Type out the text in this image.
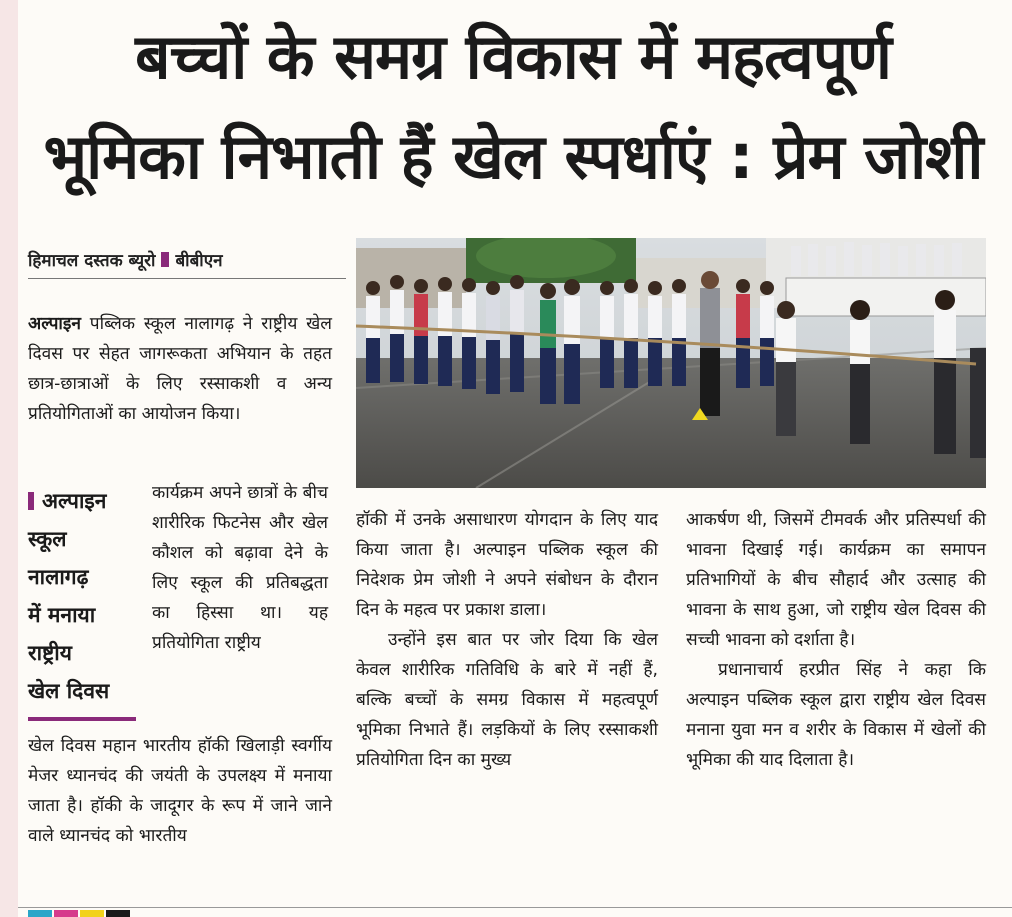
बच्चों के समग्र विकास में महत्वपूर्ण
भूमिका निभाती हैं खेल स्पर्धाएं : प्रेम जोशी
हिमाचल दस्तक ब्यूरो बीबीएन

अल्पाइन पब्लिक स्कूल नालागढ़ ने राष्ट्रीय खेल दिवस पर सेहत जागरूकता अभियान के तहत छात्र-छात्राओं के लिए रस्साकशी व अन्य प्रतियोगिताओं का आयोजन किया।

अल्पाइन
स्कूल
नालागढ़
में मनाया
राष्ट्रीय
खेल दिवस

कार्यक्रम अपने छात्रों के बीच शारीरिक फिटनेस और खेल कौशल को बढ़ावा देने के लिए स्कूल की प्रतिबद्धता का हिस्सा था। यह प्रतियोगिता राष्ट्रीय

खेल दिवस महान भारतीय हॉकी खिलाड़ी स्वर्गीय मेजर ध्यानचंद की जयंती के उपलक्ष्य में मनाया जाता है। हॉकी के जादूगर के रूप में जाने जाने वाले ध्यानचंद को भारतीय

हॉकी में उनके असाधारण योगदान के लिए याद किया जाता है। अल्पाइन पब्लिक स्कूल की निदेशक प्रेम जोशी ने अपने संबोधन के दौरान दिन के महत्व पर प्रकाश डाला।
उन्होंने इस बात पर जोर दिया कि खेल केवल शारीरिक गतिविधि के बारे में नहीं हैं, बल्कि बच्चों के समग्र विकास में महत्वपूर्ण भूमिका निभाते हैं। लड़कियों के लिए रस्साकशी प्रतियोगिता दिन का मुख्य

आकर्षण थी, जिसमें टीमवर्क और प्रतिस्पर्धा की भावना दिखाई गई। कार्यक्रम का समापन प्रतिभागियों के बीच सौहार्द और उत्साह की भावना के साथ हुआ, जो राष्ट्रीय खेल दिवस की सच्ची भावना को दर्शाता है।
प्रधानाचार्य हरप्रीत सिंह ने कहा कि अल्पाइन पब्लिक स्कूल द्वारा राष्ट्रीय खेल दिवस मनाना युवा मन व शरीर के विकास में खेलों की भूमिका की याद दिलाता है।
